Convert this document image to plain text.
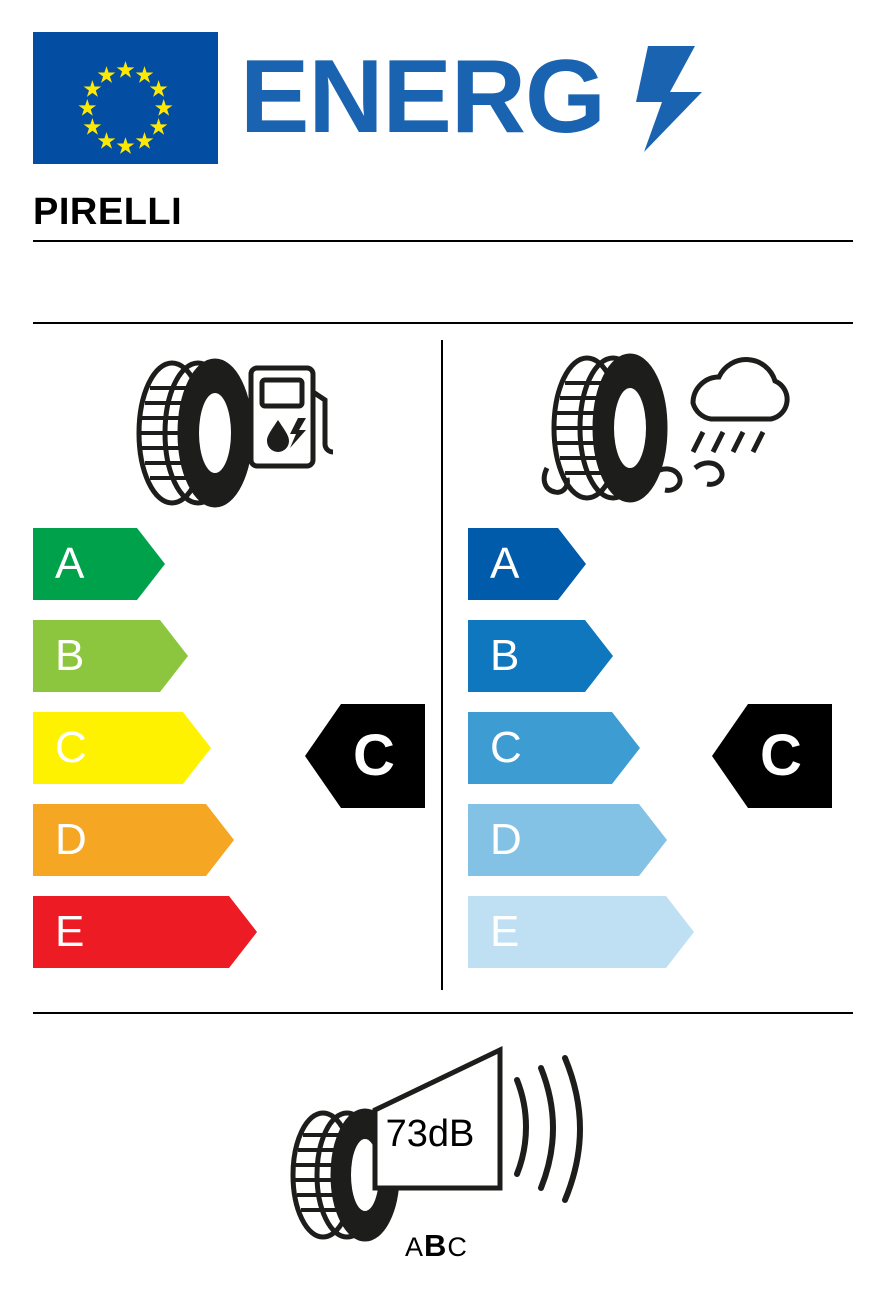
ENERG
PIRELLI
A
B
C
D
E
A
B
C
D
E
C	C
73dB
ABC
